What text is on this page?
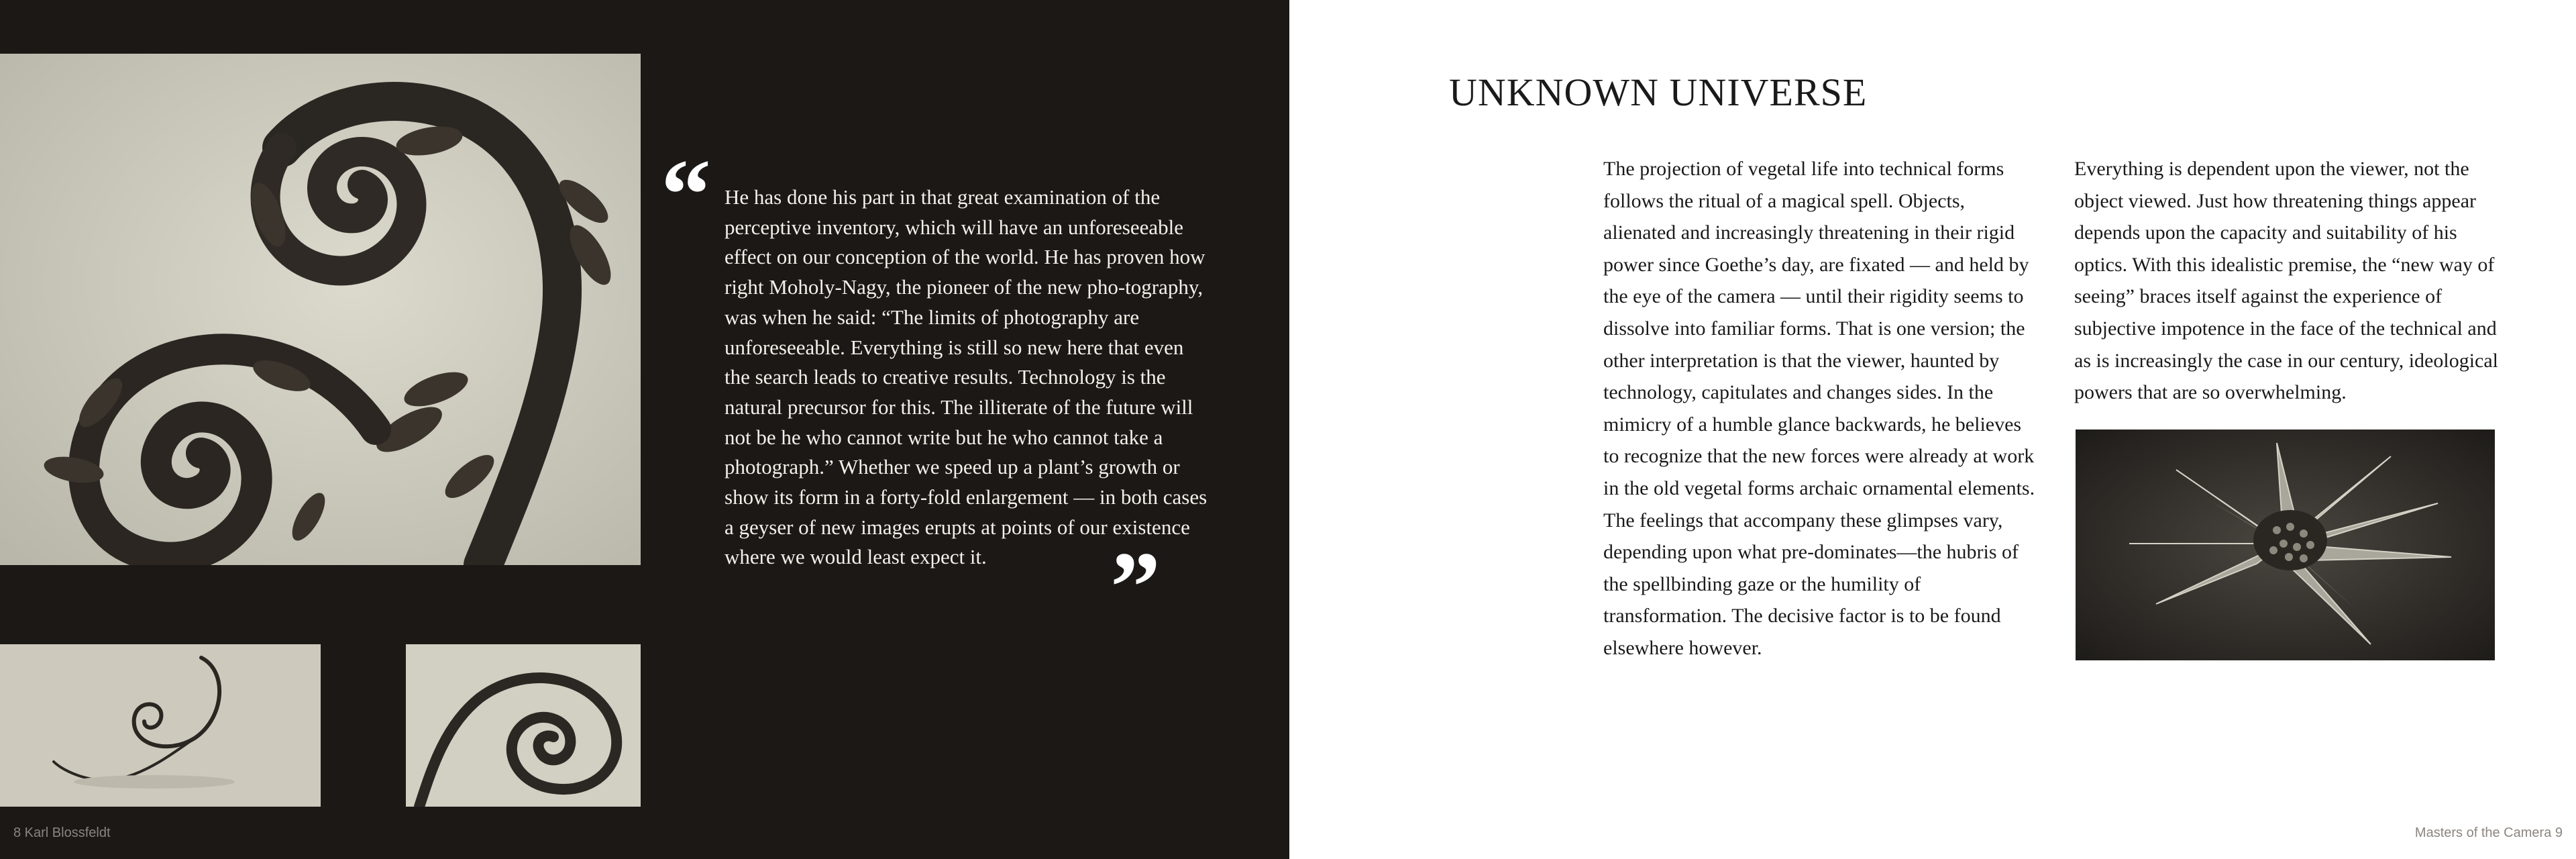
“ He has done his part in that great examination of the perceptive inventory, which will have an unforeseeable effect on our conception of the world. He has proven how right Moholy-Nagy, the pioneer of the new pho-tography, was when he said: “The limits of photography are unforeseeable. Everything is still so new here that even the search leads to creative results. Technology is the natural precursor for this. The illiterate of the future will not be he who cannot write but he who cannot take a photograph.” Whether we speed up a plant’s growth or show its form in a forty-fold enlargement — in both cases a geyser of new images erupts at points of our existence where we would least expect it.	”
8 Karl Blossfeldt
UNKNOWN UNIVERSE

The projection of vegetal life into technical forms follows the ritual of a magical spell. Objects, alienated and increasingly threatening in their rigid power since Goethe’s day, are fixated — and held by the eye of the camera — until their rigidity seems to dissolve into familiar forms. That is one version; the other interpretation is that the viewer, haunted by technology, capitulates and changes sides. In the mimicry of a humble glance backwards, he believes to recognize that the new forces were already at work in the old vegetal forms archaic ornamental elements. The feelings that accompany these glimpses vary, depending upon what pre-dominates—the hubris of the spellbinding gaze or the humility of transformation. The decisive factor is to be found elsewhere however.

Everything is dependent upon the viewer, not the object viewed. Just how threatening things appear depends upon the capacity and suitability of his optics. With this idealistic premise, the “new way of seeing” braces itself against the experience of subjective impotence in the face of the technical and as is increasingly the case in our century, ideological powers that are so overwhelming.

Masters of the Camera 9
